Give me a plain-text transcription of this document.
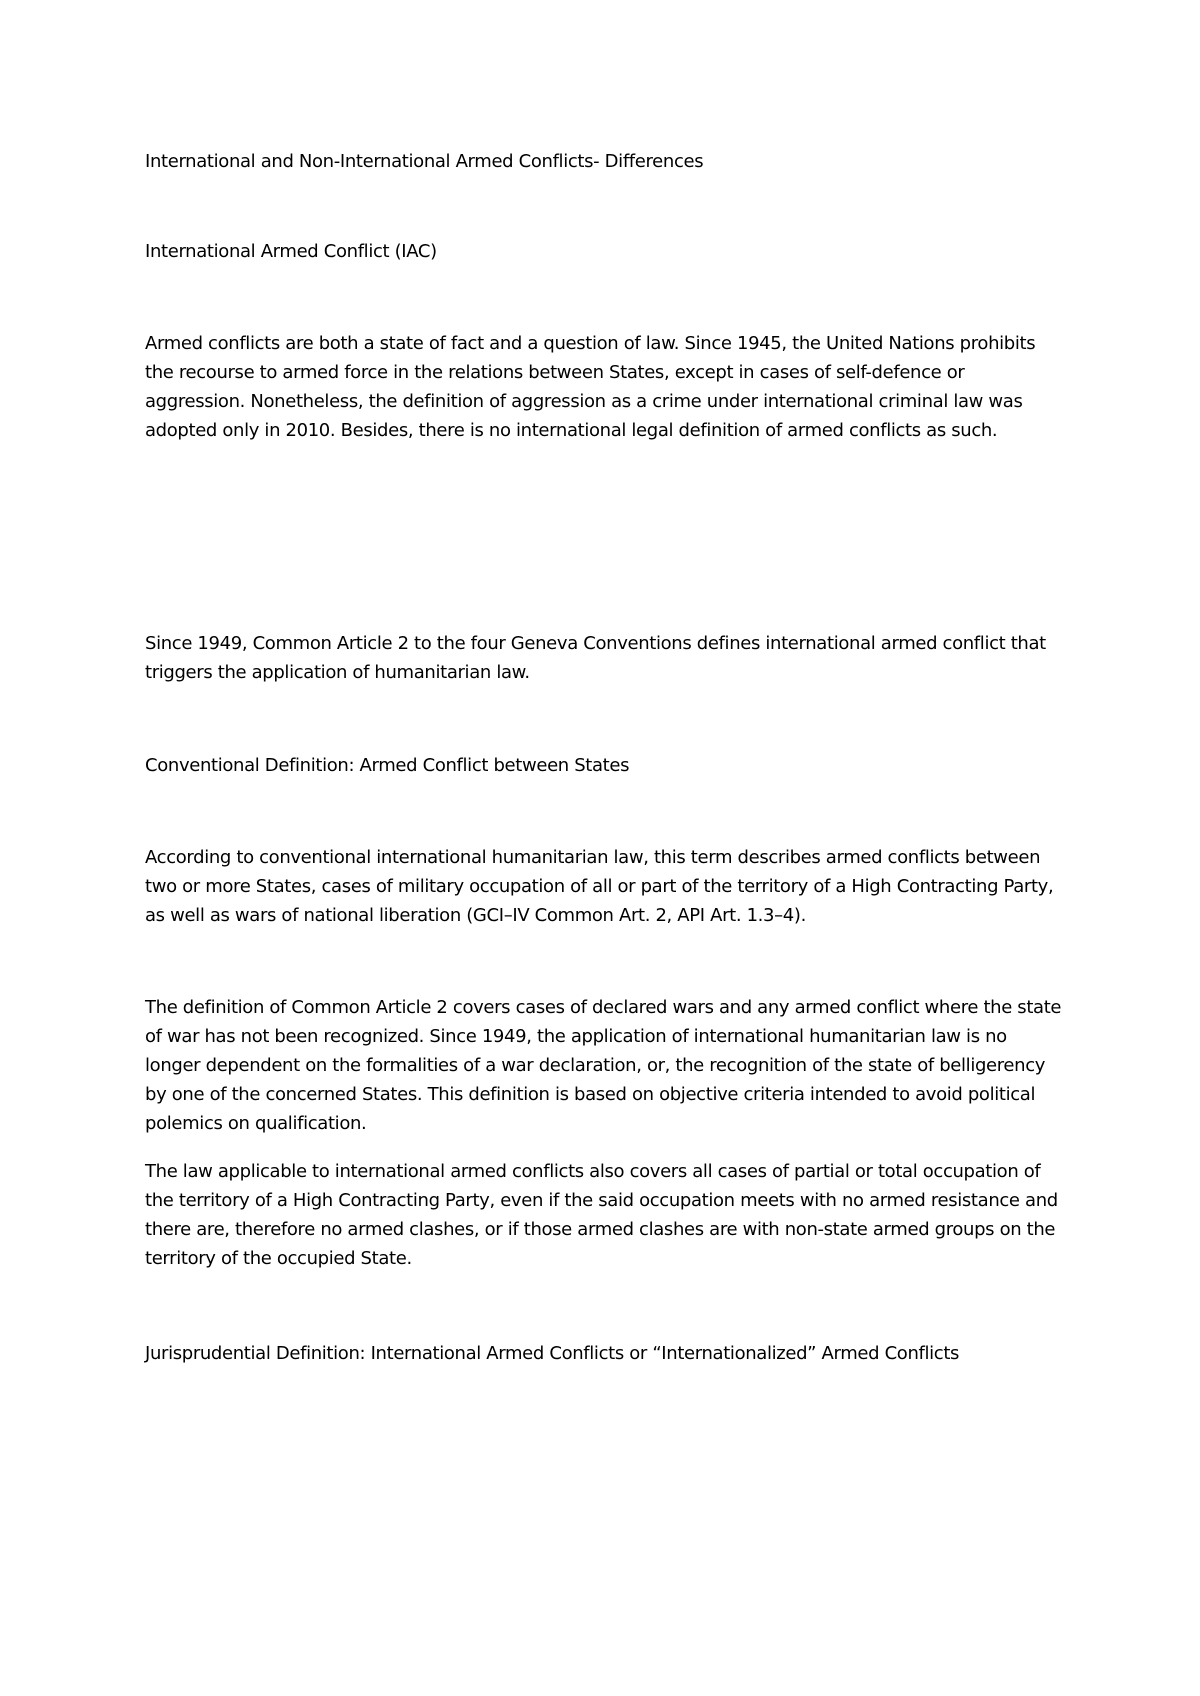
International and Non-International Armed Conflicts- Differences

International Armed Conflict (IAC)

Armed conflicts are both a state of fact and a question of law. Since 1945, the United Nations prohibits the recourse to armed force in the relations between States, except in cases of self-defence or aggression. Nonetheless, the definition of aggression as a crime under international criminal law was adopted only in 2010. Besides, there is no international legal definition of armed conflicts as such.

Since 1949, Common Article 2 to the four Geneva Conventions defines international armed conflict that triggers the application of humanitarian law.

Conventional Definition: Armed Conflict between States

According to conventional international humanitarian law, this term describes armed conflicts between two or more States, cases of military occupation of all or part of the territory of a High Contracting Party, as well as wars of national liberation (GCI–IV Common Art. 2, API Art. 1.3–4).

The definition of Common Article 2 covers cases of declared wars and any armed conflict where the state of war has not been recognized. Since 1949, the application of international humanitarian law is no longer dependent on the formalities of a war declaration, or, the recognition of the state of belligerency by one of the concerned States. This definition is based on objective criteria intended to avoid political polemics on qualification.

The law applicable to international armed conflicts also covers all cases of partial or total occupation of the territory of a High Contracting Party, even if the said occupation meets with no armed resistance and there are, therefore no armed clashes, or if those armed clashes are with non-state armed groups on the territory of the occupied State.

Jurisprudential Definition: International Armed Conflicts or “Internationalized” Armed Conflicts
